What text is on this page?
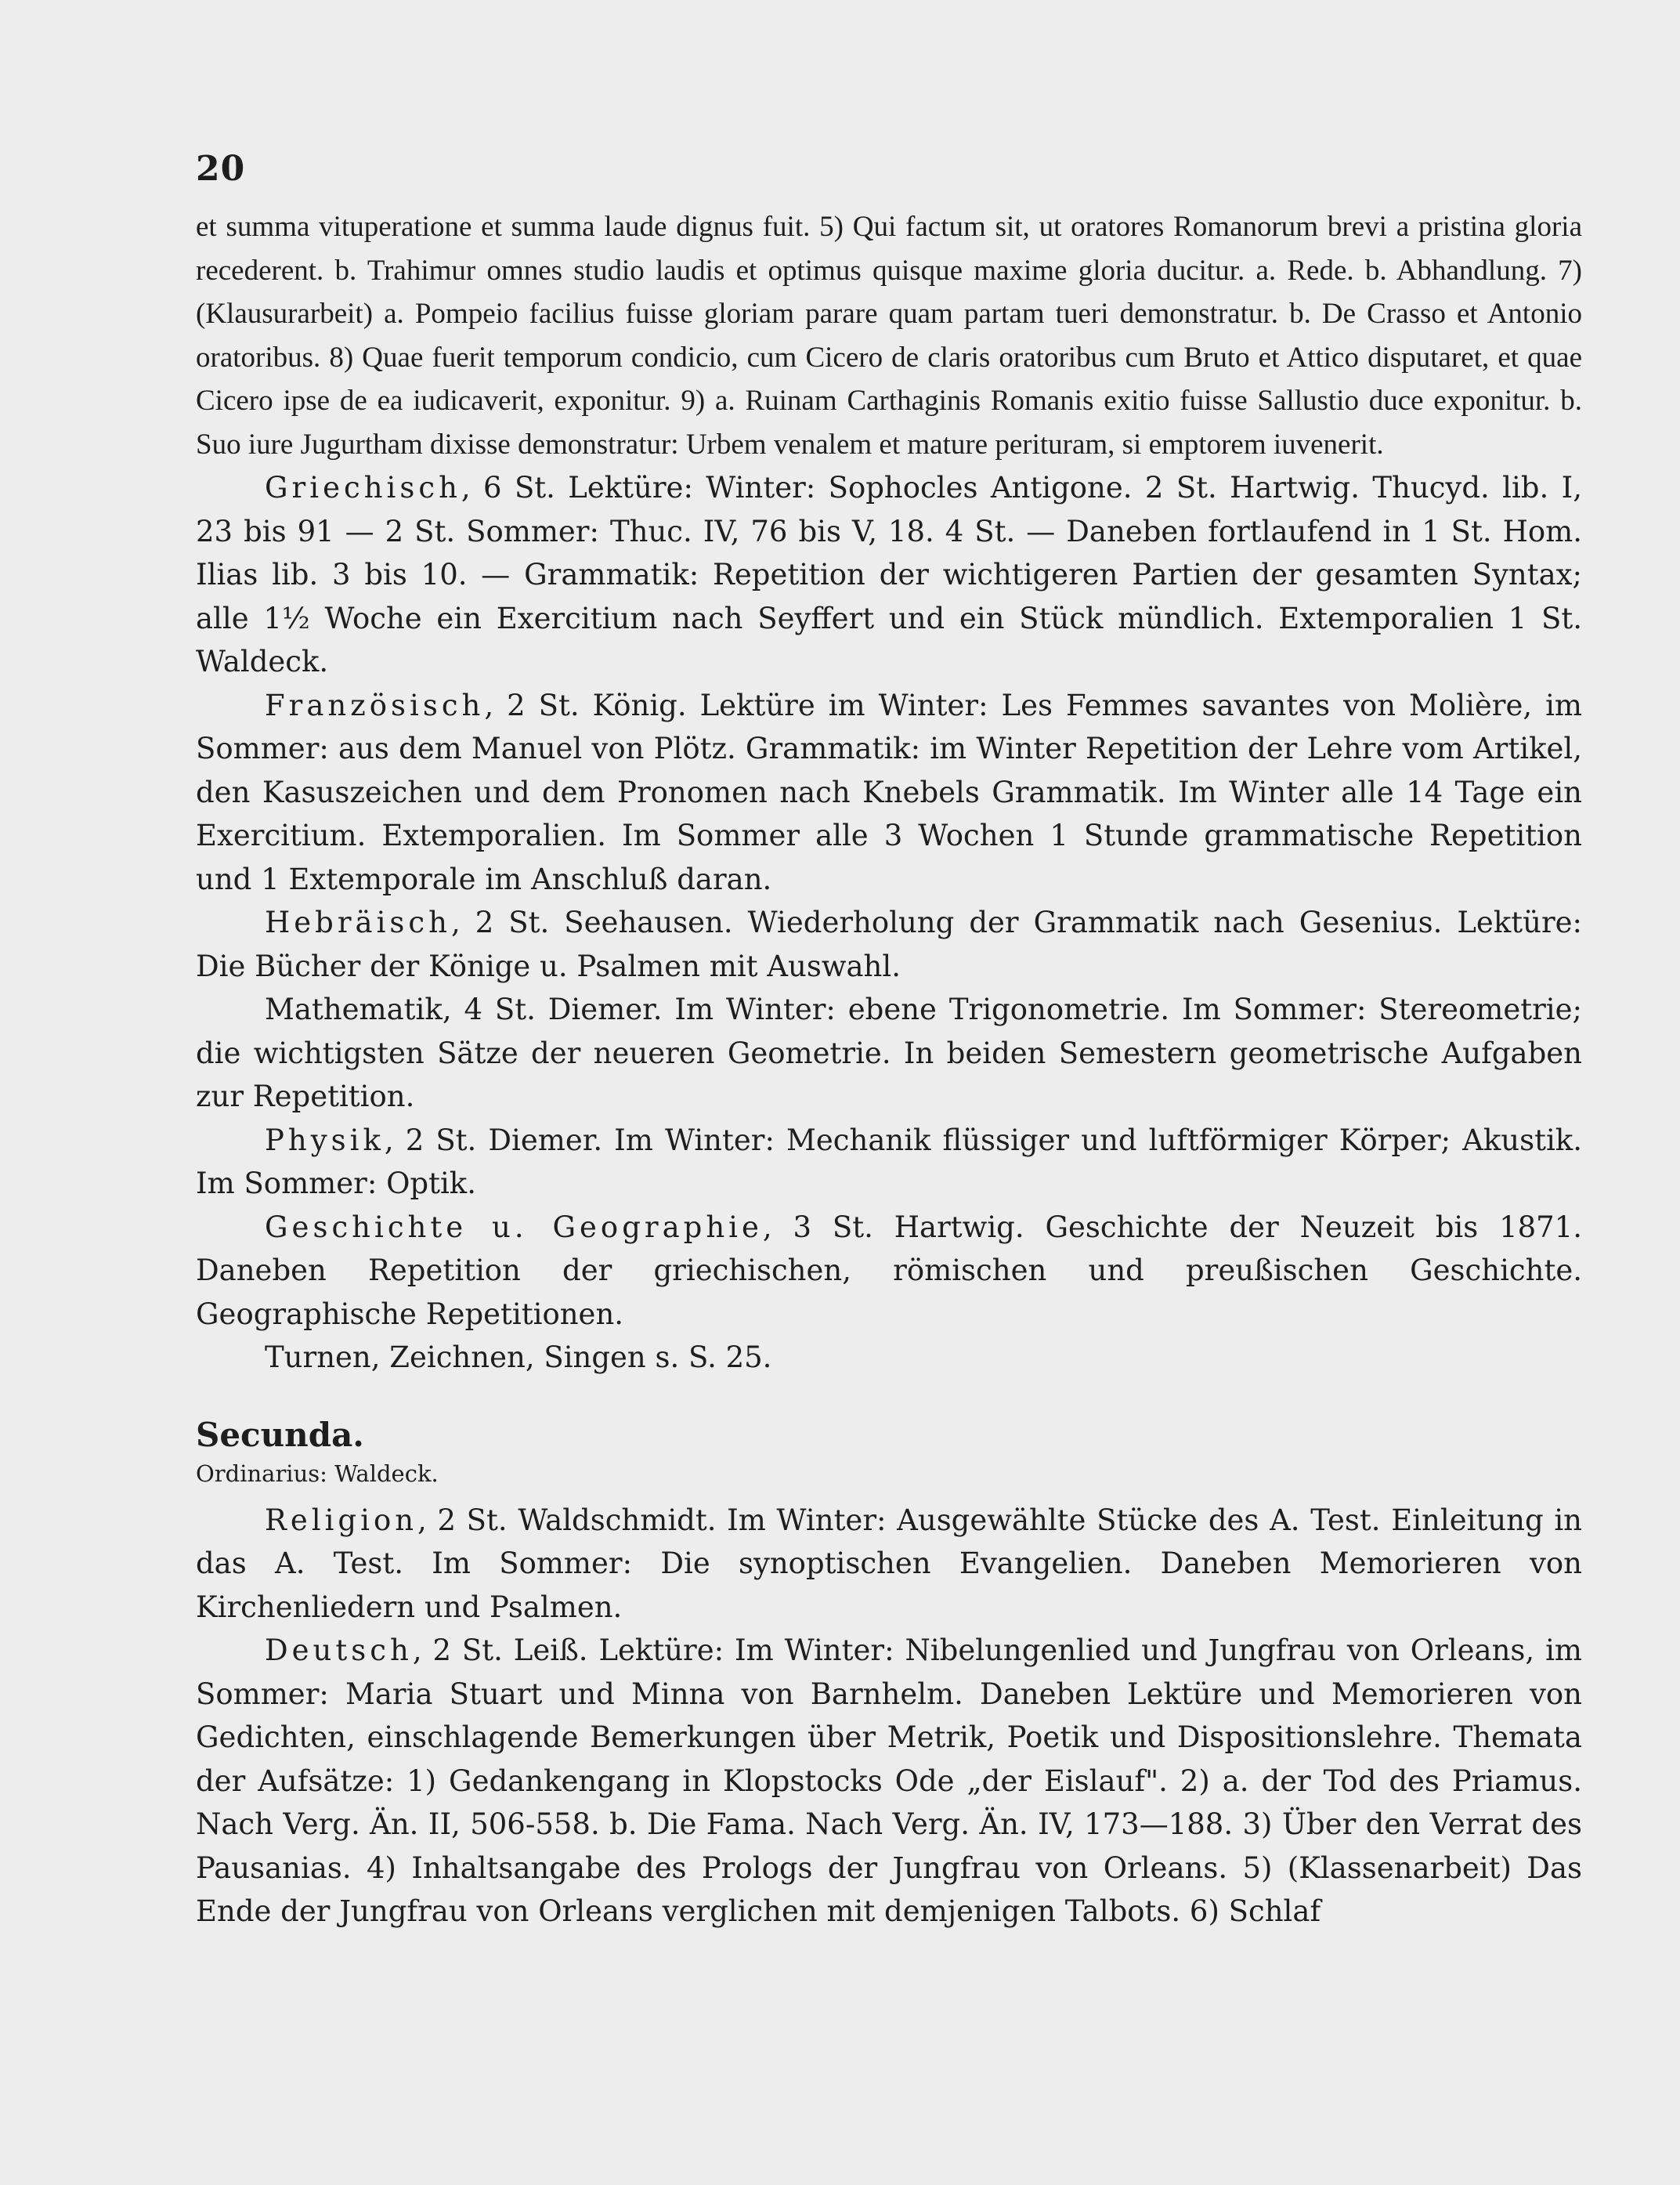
20

et summa vituperatione et summa laude dignus fuit. 5) Qui factum sit, ut oratores Romanorum brevi a pristina gloria recederent. b. Trahimur omnes studio laudis et optimus quisque maxime gloria ducitur. a. Rede. b. Abhandlung. 7) (Klausurarbeit) a. Pompeio facilius fuisse gloriam parare quam partam tueri demonstratur. b. De Crasso et Antonio oratoribus. 8) Quae fuerit temporum condicio, cum Cicero de claris oratoribus cum Bruto et Attico disputaret, et quae Cicero ipse de ea iudicaverit, exponitur. 9) a. Ruinam Carthaginis Romanis exitio fuisse Sallustio duce exponitur. b. Suo iure Jugurtham dixisse demonstratur: Urbem venalem et mature perituram, si emptorem iuvenerit.

Griechisch, 6 St. Lektüre: Winter: Sophocles Antigone. 2 St. Hartwig. Thucyd. lib. I, 23 bis 91 — 2 St. Sommer: Thuc. IV, 76 bis V, 18. 4 St. — Daneben fortlaufend in 1 St. Hom. Ilias lib. 3 bis 10. — Grammatik: Repetition der wichtigeren Partien der gesamten Syntax; alle 1½ Woche ein Exercitium nach Seyffert und ein Stück mündlich. Extemporalien 1 St. Waldeck.

Französisch, 2 St. König. Lektüre im Winter: Les Femmes savantes von Molière, im Sommer: aus dem Manuel von Plötz. Grammatik: im Winter Repetition der Lehre vom Artikel, den Kasuszeichen und dem Pronomen nach Knebels Grammatik. Im Winter alle 14 Tage ein Exercitium. Extemporalien. Im Sommer alle 3 Wochen 1 Stunde grammatische Repetition und 1 Extemporale im Anschluß daran.

Hebräisch, 2 St. Seehausen. Wiederholung der Grammatik nach Gesenius. Lektüre: Die Bücher der Könige u. Psalmen mit Auswahl.

Mathematik, 4 St. Diemer. Im Winter: ebene Trigonometrie. Im Sommer: Stereometrie; die wichtigsten Sätze der neueren Geometrie. In beiden Semestern geometrische Aufgaben zur Repetition.

Physik, 2 St. Diemer. Im Winter: Mechanik flüssiger und luftförmiger Körper; Akustik. Im Sommer: Optik.

Geschichte u. Geographie, 3 St. Hartwig. Geschichte der Neuzeit bis 1871. Daneben Repetition der griechischen, römischen und preußischen Geschichte. Geographische Repetitionen.

Turnen, Zeichnen, Singen s. S. 25.

Secunda.

Ordinarius: Waldeck.

Religion, 2 St. Waldschmidt. Im Winter: Ausgewählte Stücke des A. Test. Einleitung in das A. Test. Im Sommer: Die synoptischen Evangelien. Daneben Memorieren von Kirchenliedern und Psalmen.

Deutsch, 2 St. Leiß. Lektüre: Im Winter: Nibelungenlied und Jungfrau von Orleans, im Sommer: Maria Stuart und Minna von Barnhelm. Daneben Lektüre und Memorieren von Gedichten, einschlagende Bemerkungen über Metrik, Poetik und Dispositionslehre. Themata der Aufsätze: 1) Gedankengang in Klopstocks Ode „der Eislauf". 2) a. der Tod des Priamus. Nach Verg. Än. II, 506-558. b. Die Fama. Nach Verg. Än. IV, 173—188. 3) Über den Verrat des Pausanias. 4) Inhaltsangabe des Prologs der Jungfrau von Orleans. 5) (Klassenarbeit) Das Ende der Jungfrau von Orleans verglichen mit demjenigen Talbots. 6) Schlaf
